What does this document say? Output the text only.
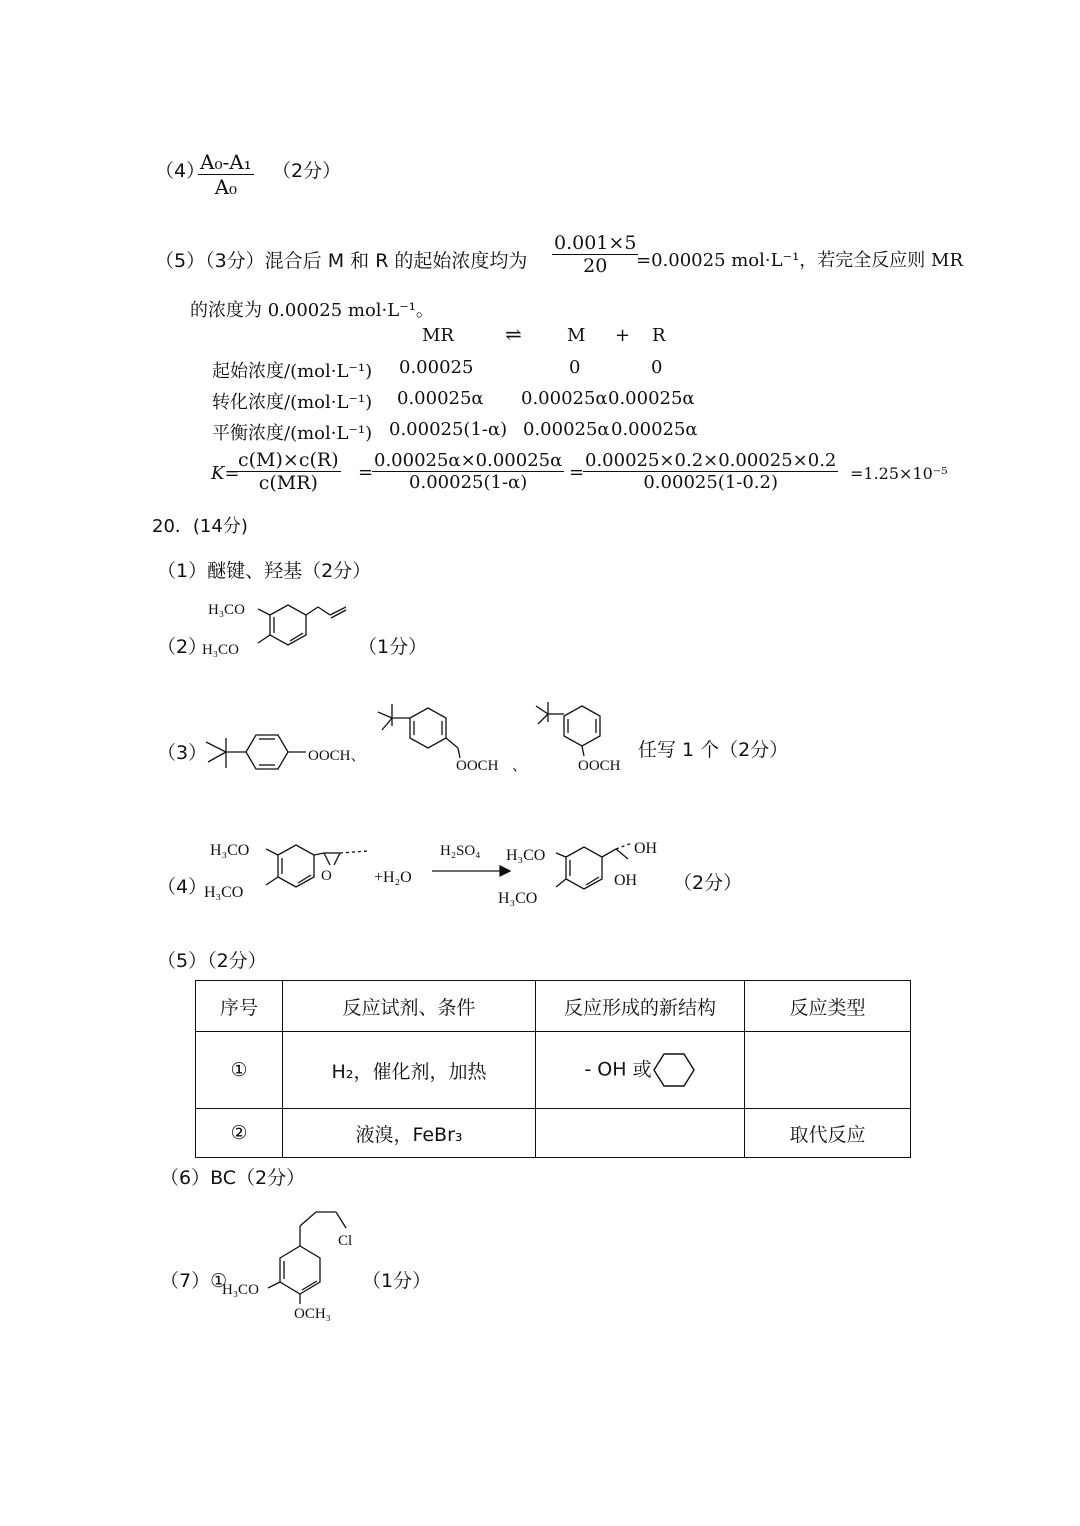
（4）
$\frac{\text{A₀-A₁}}{\text{A₀}} (2$分）
（5）（3分）混合后 M 和 R 的起始浓度均为 $\frac{0.001\times 5}{20}$
=0.00025 mol·L⁻¹，若完全反应则 MR
的浓度为 0.00025 mol·L⁻¹。
MR	⇌	M + R
起始浓度/(mol·L⁻¹) 0.00025	0	0
转化浓度/(mol·L⁻¹) 0.00025α 0.00025α 0.00025α
平衡浓度/(mol·L⁻¹) 0.00025(1-α) 0.00025α 0.00025α
K=
$\frac{c(M)\times c(R)}{c(MR)}$ =
$\frac{0.00025\alpha\times 0.00025\alpha}{0.00025(1-\alpha)}$ =
$\frac{0.00025\times 0.2\times 0.00025\times 0.2}{0.00025(1-0.2)} =1.25\times 10^{-5}$
20．(14分)
（1）醚键、羟基（2分）
（2）
H₃CO
H₃CO	（1分）
（3）	OOCH、
OOCH 、	OOCH
任写 1 个（2分）
（4）
H₃CO
H₃CO
O	+H₂O
H₂SO₄ H₃CO
H₃CO
OH
OH （2分）
（5）（2分）
序号	反应试剂、条件	反应形成的新结构	反应类型
①	H₂，催化剂，加热	- OH 或	
②	液溴，FeBr₃		取代反应
（6）BC（2分）
（7）①
Cl
H₃CO
OCH₃
（1分）
